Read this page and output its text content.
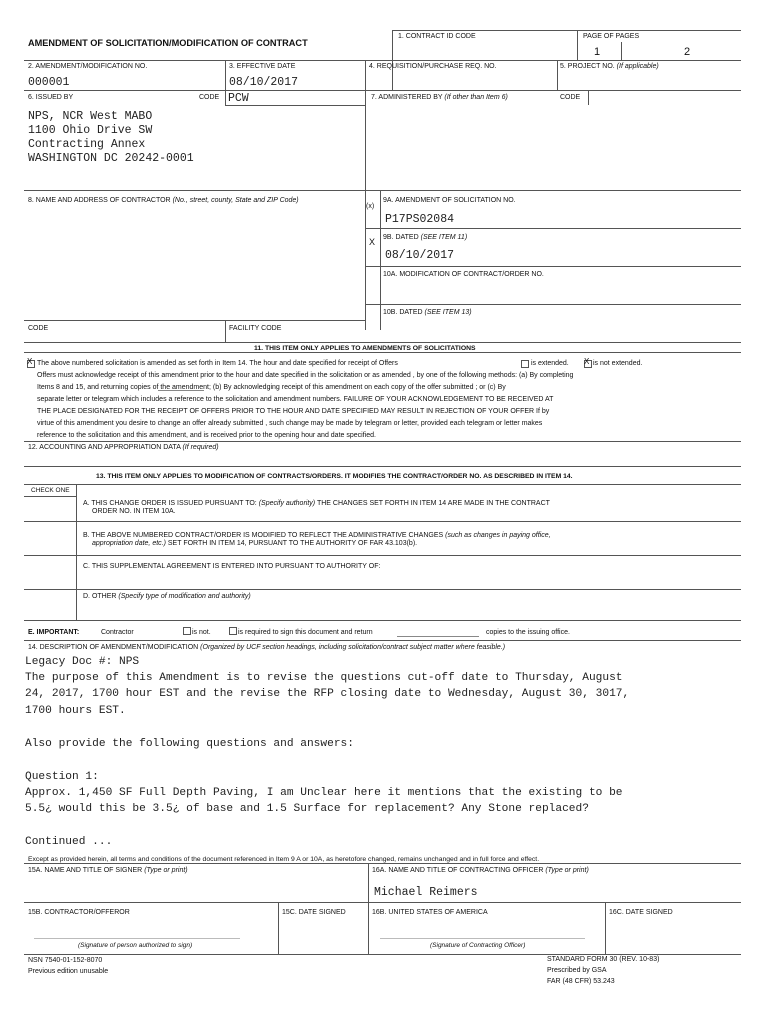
AMENDMENT OF SOLICITATION/MODIFICATION OF CONTRACT
1. CONTRACT ID CODE	PAGE OF PAGES
1	2
2. AMENDMENT/MODIFICATION NO.
000001
3. EFFECTIVE DATE
08/10/2017
4. REQUISITION/PURCHASE REQ. NO.	5. PROJECT NO. (If applicable)
6. ISSUED BY	CODE PCW	7. ADMINISTERED BY (If other than Item 6)	CODE
NPS, NCR West MABO
1100 Ohio Drive SW
Contracting Annex
WASHINGTON DC 20242-0001
8. NAME AND ADDRESS OF CONTRACTOR (No., street, county, State and ZIP Code)
(x)
9A. AMENDMENT OF SOLICITATION NO.
P17PS02084
X 9B. DATED (SEE ITEM 11)
08/10/2017
10A. MODIFICATION OF CONTRACT/ORDER NO.
10B. DATED (SEE ITEM 13)
CODE	FACILITY CODE
11. THIS ITEM ONLY APPLIES TO AMENDMENTS OF SOLICITATIONS
X The above numbered solicitation is amended as set forth in Item 14. The hour and date specified for receipt of Offers	is extended. X is not extended.
Offers must acknowledge receipt of this amendment prior to the hour and date specified in the solicitation or as amended , by one of the following methods: (a) By completing
Items 8 and 15, and returning copies of the amendment; (b) By acknowledging receipt of this amendment on each copy of the offer submitted ; or (c) By
separate letter or telegram which includes a reference to the solicitation and amendment numbers. FAILURE OF YOUR ACKNOWLEDGEMENT TO BE RECEIVED AT
THE PLACE DESIGNATED FOR THE RECEIPT OF OFFERS PRIOR TO THE HOUR AND DATE SPECIFIED MAY RESULT IN REJECTION OF YOUR OFFER If by
virtue of this amendment you desire to change an offer already submitted , such change may be made by telegram or letter, provided each telegram or letter makes
reference to the solicitation and this amendment, and is received prior to the opening hour and date specified.
12. ACCOUNTING AND APPROPRIATION DATA (If required)
13. THIS ITEM ONLY APPLIES TO MODIFICATION OF CONTRACTS/ORDERS. IT MODIFIES THE CONTRACT/ORDER NO. AS DESCRIBED IN ITEM 14.
CHECK ONE
A. THIS CHANGE ORDER IS ISSUED PURSUANT TO: (Specify authority) THE CHANGES SET FORTH IN ITEM 14 ARE MADE IN THE CONTRACT
ORDER NO. IN ITEM 10A.
B. THE ABOVE NUMBERED CONTRACT/ORDER IS MODIFIED TO REFLECT THE ADMINISTRATIVE CHANGES (such as changes in paying office,
appropriation date, etc.) SET FORTH IN ITEM 14, PURSUANT TO THE AUTHORITY OF FAR 43.103(b).
C. THIS SUPPLEMENTAL AGREEMENT IS ENTERED INTO PURSUANT TO AUTHORITY OF:
D. OTHER (Specify type of modification and authority)
E. IMPORTANT:	Contractor	is not.	is required to sign this document and return	copies to the issuing office.
14. DESCRIPTION OF AMENDMENT/MODIFICATION (Organized by UCF section headings, including solicitation/contract subject matter where feasible.)
Legacy Doc #: NPS
The purpose of this Amendment is to revise the questions cut-off date to Thursday, August
24, 2017, 1700 hour EST and the revise the RFP closing date to Wednesday, August 30, 3017,
1700 hours EST.
Also provide the following questions and answers:
Question 1:
Approx. 1,450 SF Full Depth Paving, I am Unclear here it mentions that the existing to be
5.5¿ would this be 3.5¿ of base and 1.5 Surface for replacement? Any Stone replaced?
Continued ...
Except as provided herein, all terms and conditions of the document referenced in Item 9 A or 10A, as heretofore changed, remains unchanged and in full force and effect.
15A. NAME AND TITLE OF SIGNER (Type or print)	16A. NAME AND TITLE OF CONTRACTING OFFICER (Type or print)
Michael Reimers
15B. CONTRACTOR/OFFEROR	15C. DATE SIGNED	16B. UNITED STATES OF AMERICA	16C. DATE SIGNED
(Signature of person authorized to sign)	(Signature of Contracting Officer)
NSN 7540-01-152-8070
Previous edition unusable
STANDARD FORM 30 (REV. 10-83)
Prescribed by GSA
FAR (48 CFR) 53.243
